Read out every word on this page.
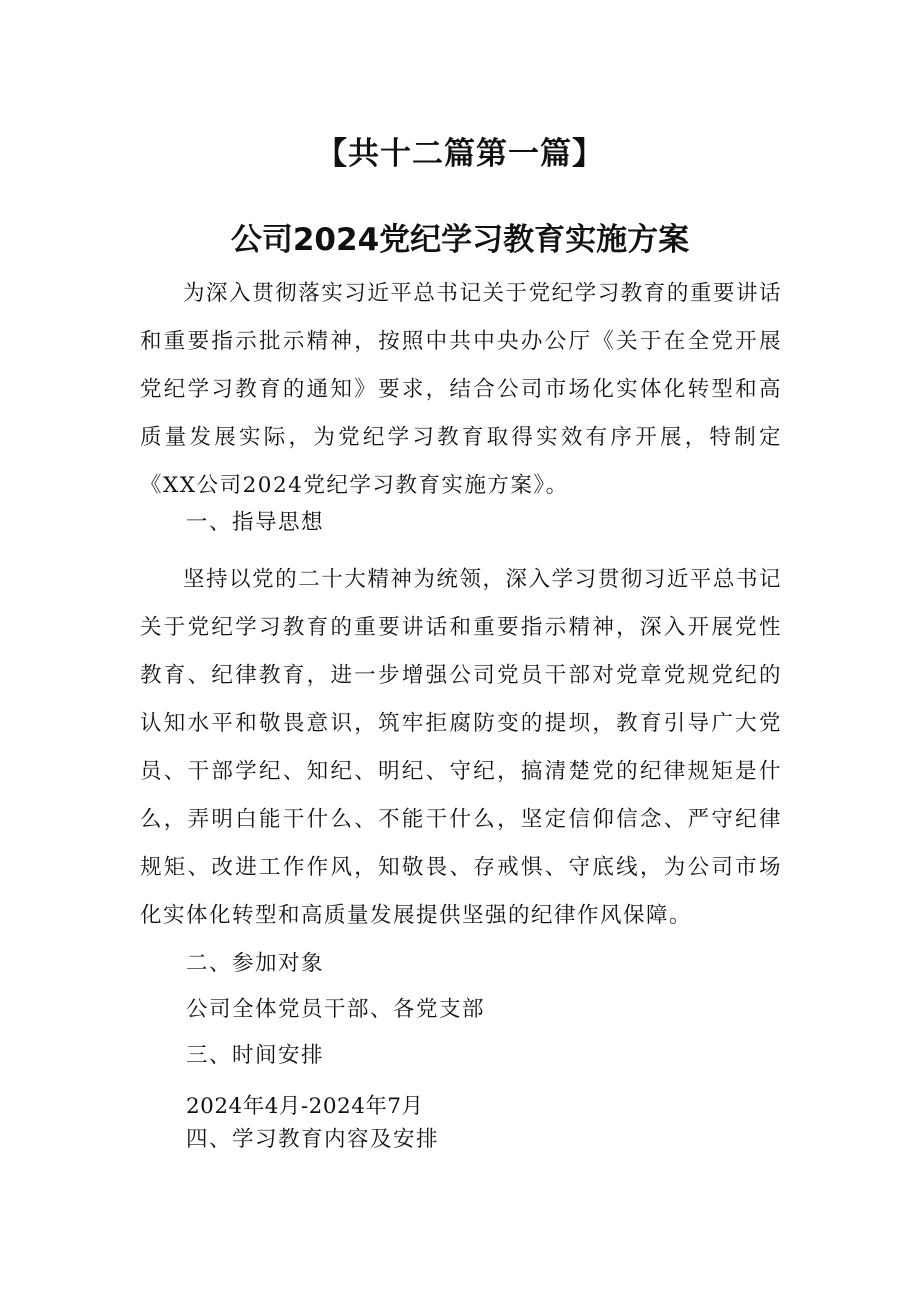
【共十二篇第一篇】
公司2024党纪学习教育实施方案

为深入贯彻落实习近平总书记关于党纪学习教育的重要讲话和重要指示批示精神，按照中共中央办公厅《关于在全党开展党纪学习教育的通知》要求，结合公司市场化实体化转型和高质量发展实际，为党纪学习教育取得实效有序开展，特制定《XX公司2024党纪学习教育实施方案》。

一、指导思想

坚持以党的二十大精神为统领，深入学习贯彻习近平总书记关于党纪学习教育的重要讲话和重要指示精神，深入开展党性教育、纪律教育，进一步增强公司党员干部对党章党规党纪的认知水平和敬畏意识，筑牢拒腐防变的提坝，教育引导广大党员、干部学纪、知纪、明纪、守纪，搞清楚党的纪律规矩是什么，弄明白能干什么、不能干什么，坚定信仰信念、严守纪律规矩、改进工作作风，知敬畏、存戒惧、守底线，为公司市场化实体化转型和高质量发展提供坚强的纪律作风保障。

二、参加对象
公司全体党员干部、各党支部
三、时间安排
2024年4月-2024年7月
四、学习教育内容及安排
